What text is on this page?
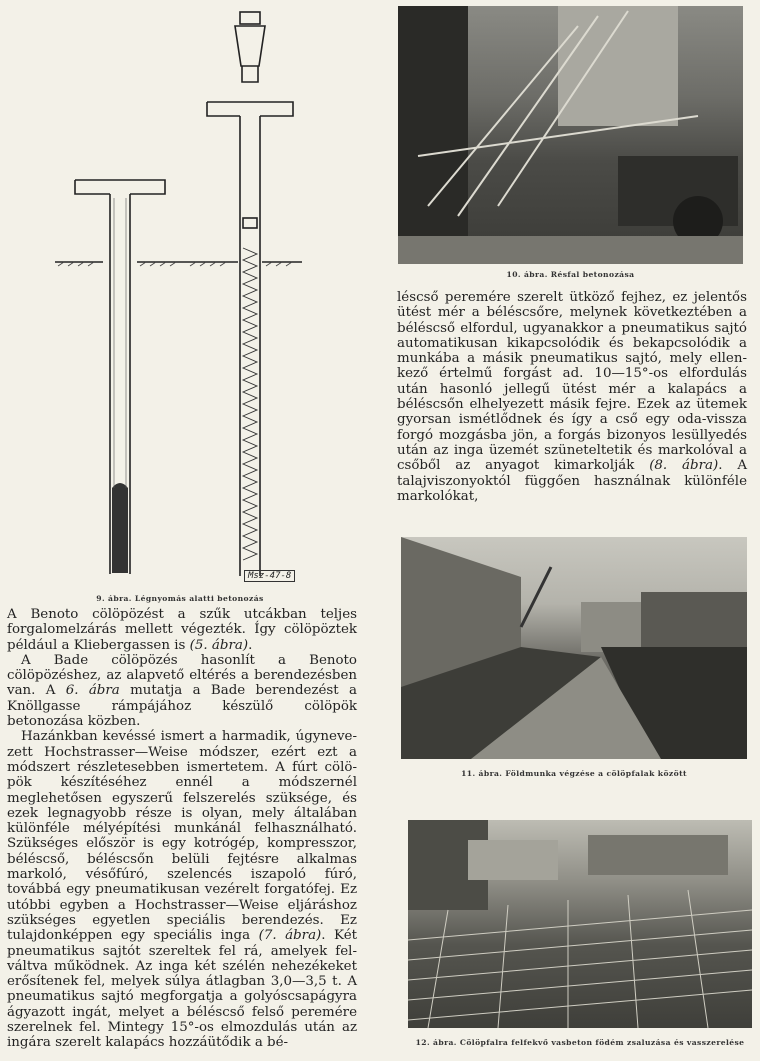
Msz-47-8
9. ábra. Légnyomás alatti betonozás

A Benoto cölöpözést a szűk utcákban teljes forgalomelzárás mellett végezték. Így cölöpöztek például a Kliebergassen is (5. ábra).

A Bade cölöpözés hasonlít a Benoto cölöpözéshez, az alapvető eltérés a berendezésben van. A 6. ábra mutatja a Bade berendezést a Knöllgasse rámpájához készülő cölöpök betonozása közben.

Hazánkban kevéssé ismert a harmadik, úgynevezett Hochstrasser—Weise módszer, ezért ezt a módszert részletesebben ismertetem. A fúrt cölöpök készítéséhez ennél a módszernél meglehetősen egyszerű felszerelés szüksége, és ezek legnagyobb része is olyan, mely általában különféle mélyépítési munkánál felhasználható. Szükséges először is egy kotrógép, kompresszor, béléscső, béléscsőn belüli fejtésre alkalmas markoló, vésőfúró, szelencés iszapoló fúró, továbbá egy pneumatikusan vezérelt forgatófej. Ez utóbbi egyben a Hochstrasser—Weise eljáráshoz szükséges egyetlen speciális berendezés. Ez tulajdonképpen egy speciális inga (7. ábra). Két pneumatikus sajtót szereltek fel rá, amelyek felváltva működnek. Az inga két szélén nehezékeket erősítenek fel, melyek súlya átlagban 3,0—3,5 t. A pneumatikus sajtó megforgatja a golyóscsapágyra ágyazott ingát, melyet a béléscső felső peremére szerelnek fel. Mintegy 15°-os elmozdulás után az ingára szerelt kalapács hozzáütődik a bé-

10. ábra. Résfal betonozása

léscső peremére szerelt ütköző fejhez, ez jelentős ütést mér a béléscsőre, melynek következtében a béléscső elfordul, ugyanakkor a pneumatikus sajtó automatikusan kikapcsolódik és bekapcsolódik a munkába a másik pneumatikus sajtó, mely ellenkező értelmű forgást ad. 10—15°-os elfordulás után hasonló jellegű ütést mér a kalapács a béléscsőn elhelyezett másik fejre. Ezek az ütemek gyorsan ismétlődnek és így a cső egy oda-vissza forgó mozgásba jön, a forgás bizonyos lesüllyedés után az inga üzemét szüneteltetik és markolóval a csőből az anyagot kimarkolják (8. ábra). A talajviszonyoktól függően használnak különféle markolókat,

11. ábra. Földmunka végzése a cölöpfalak között
12. ábra. Cölöpfalra felfekvő vasbeton födém zsaluzása és vasszerelése
